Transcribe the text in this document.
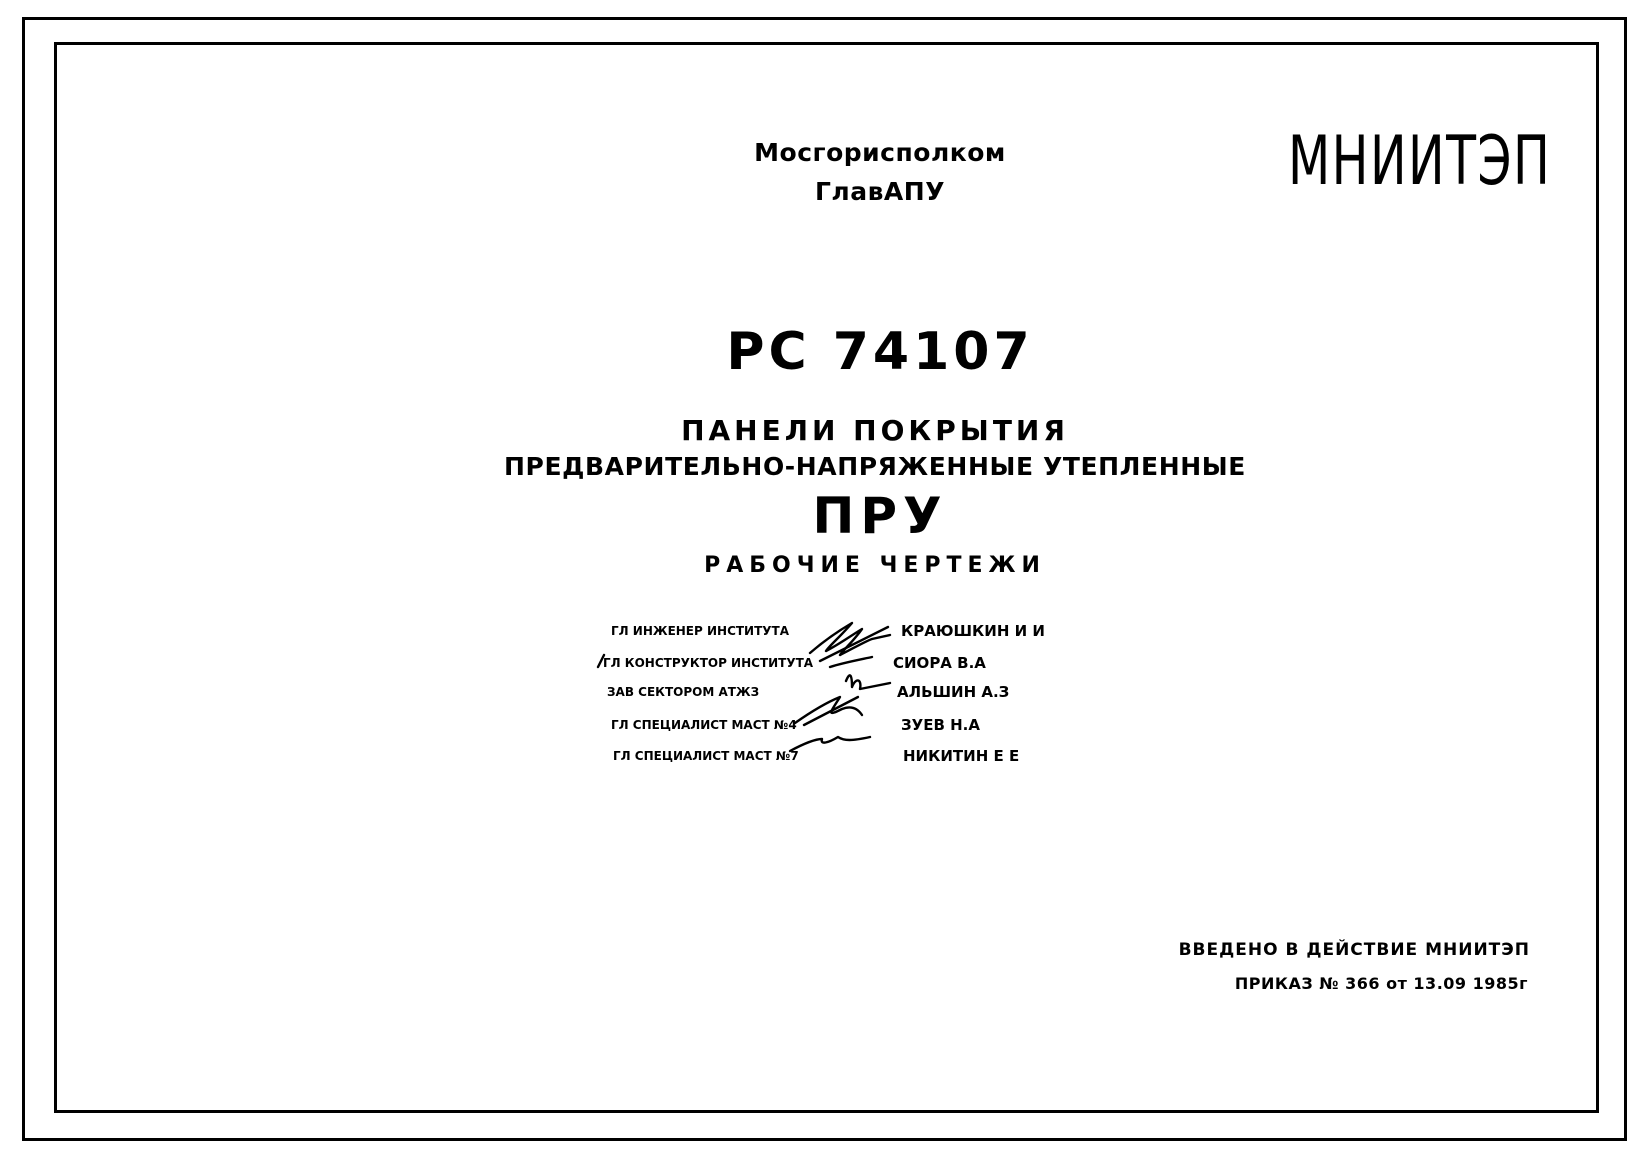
Мосгорисполком
ГлавАПУ	МНИИТЭП
РС 74107
ПАНЕЛИ ПОКРЫТИЯ
ПРЕДВАРИТЕЛЬНО-НАПРЯЖЕННЫЕ УТЕПЛЕННЫЕ
ПРУ
РАБОЧИЕ ЧЕРТЕЖИ
ГЛ ИНЖЕНЕР ИНСТИТУТА	КРАЮШКИН И И
ГЛ КОНСТРУКТОР ИНСТИТУТА	СИОРА В.А
ЗАВ СЕКТОРОМ АТЖЗ	АЛЬШИН А.З
ГЛ СПЕЦИАЛИСТ МАСТ №4	ЗУЕВ Н.А
ГЛ СПЕЦИАЛИСТ МАСТ №7	НИКИТИН Е Е
ВВЕДЕНО В ДЕЙСТВИЕ МНИИТЭП
ПРИКАЗ № 366 от 13.09 1985г
